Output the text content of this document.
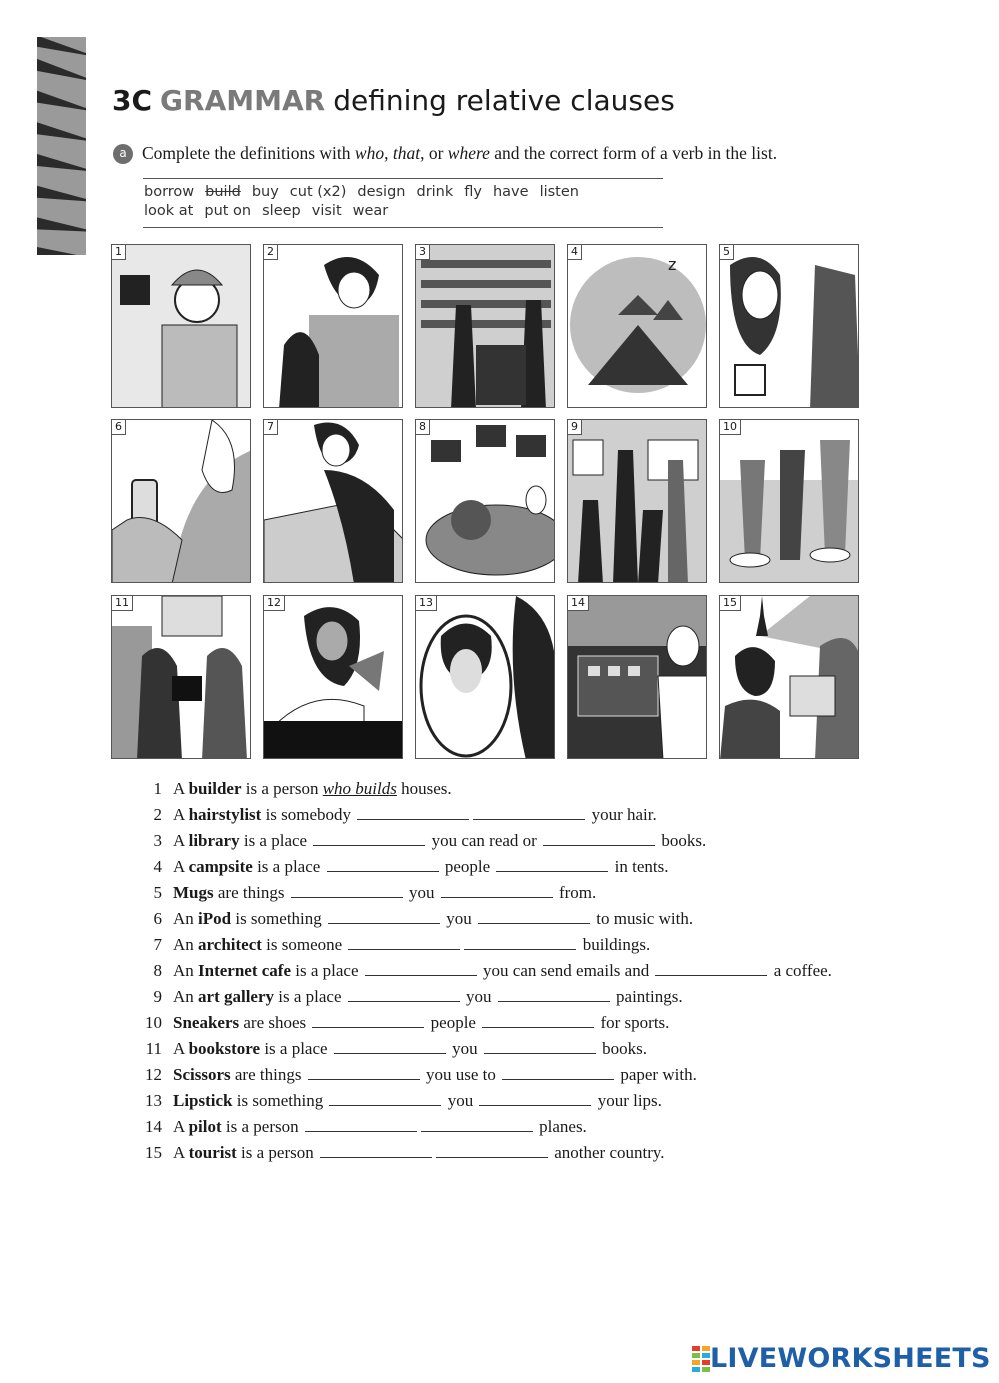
3C GRAMMAR defining relative clauses
a Complete the definitions with who, that, or where and the correct form of a verb in the list.
borrow build buy cut (x2) design drink fly have listen
look at put on sleep visit wear
1	2	3
z
4	5
6	7	8	9	10
11	12	13	14	15
1 A builder is a person who builds houses.
2 A hairstylist is somebody	your hair.
3 A library is a place	you can read or	books.
4 A campsite is a place	people	in tents.
5 Mugs are things	you	from.
6 An iPod is something	you	to music with.
7 An architect is someone	buildings.
8 An Internet cafe is a place	you can send emails and	a coffee.
9 An art gallery is a place	you	paintings.
10 Sneakers are shoes	people	for sports.
11 A bookstore is a place	you	books.
12 Scissors are things	you use to	paper with.
13 Lipstick is something	you	your lips.
14 A pilot is a person	planes.
15 A tourist is a person	another country.
LIVEWORKSHEETS
